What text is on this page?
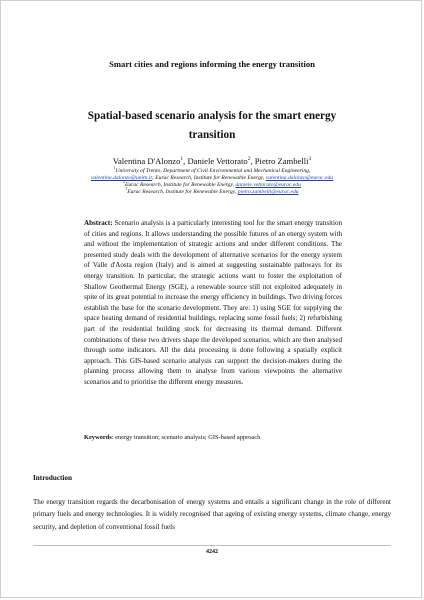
Smart cities and regions informing the energy transition
Spatial-based scenario analysis for the smart energy transition
Valentina D'Alonzo$^1$, Daniele Vettorato$^2$, Pietro Zambelli$^3$
$^1$University of Trento, Department of Civil Environmental and Mechanical Engineering,
valentina.dalonzo@unitn.it; Eurac Research, Institute for Renewable Energy, valentina.dalonzo@eurac.edu
$^2$Eurac Research, Institute for Renewable Energy, daniele.vettorato@eurac.edu
$^3$Eurac Research, Institute for Renewable Energy, pietro.zambelli@eurac.edu
Abstract: Scenario analysis is a particularly interesting tool for the smart energy transition of cities and regions. It allows understanding the possible futures of an energy system with and without the implementation of strategic actions and under different conditions. The presented study deals with the development of alternative scenarios for the energy system of Valle d'Aosta region (Italy) and is aimed at suggesting sustainable pathways for its energy transition. In particular, the strategic actions want to foster the exploitation of Shallow Geothermal Energy (SGE), a renewable source still not exploited adequately in spite of its great potential to increase the energy efficiency in buildings. Two driving forces establish the base for the scenario development. They are: 1) using SGE for supplying the space heating demand of residential buildings, replacing some fossil fuels; 2) refurbishing part of the residential building stock for decreasing its thermal demand. Different combinations of these two drivers shape the developed scenarios, which are then analysed through some indicators. All the data processing is done following a spatially explicit approach. This GIS-based scenario analysis can support the decision-makers during the planning process allowing them to analyse from various viewpoints the alternative scenarios and to prioritise the different energy measures.
Keywords: energy transition; scenario analysis; GIS-based approach
Introduction
The energy transition regards the decarbonisation of energy systems and entails a significant change in the role of different primary fuels and energy technologies. It is widely recognised that ageing of existing energy systems, climate change, energy security, and depletion of conventional fossil fuels
4242
